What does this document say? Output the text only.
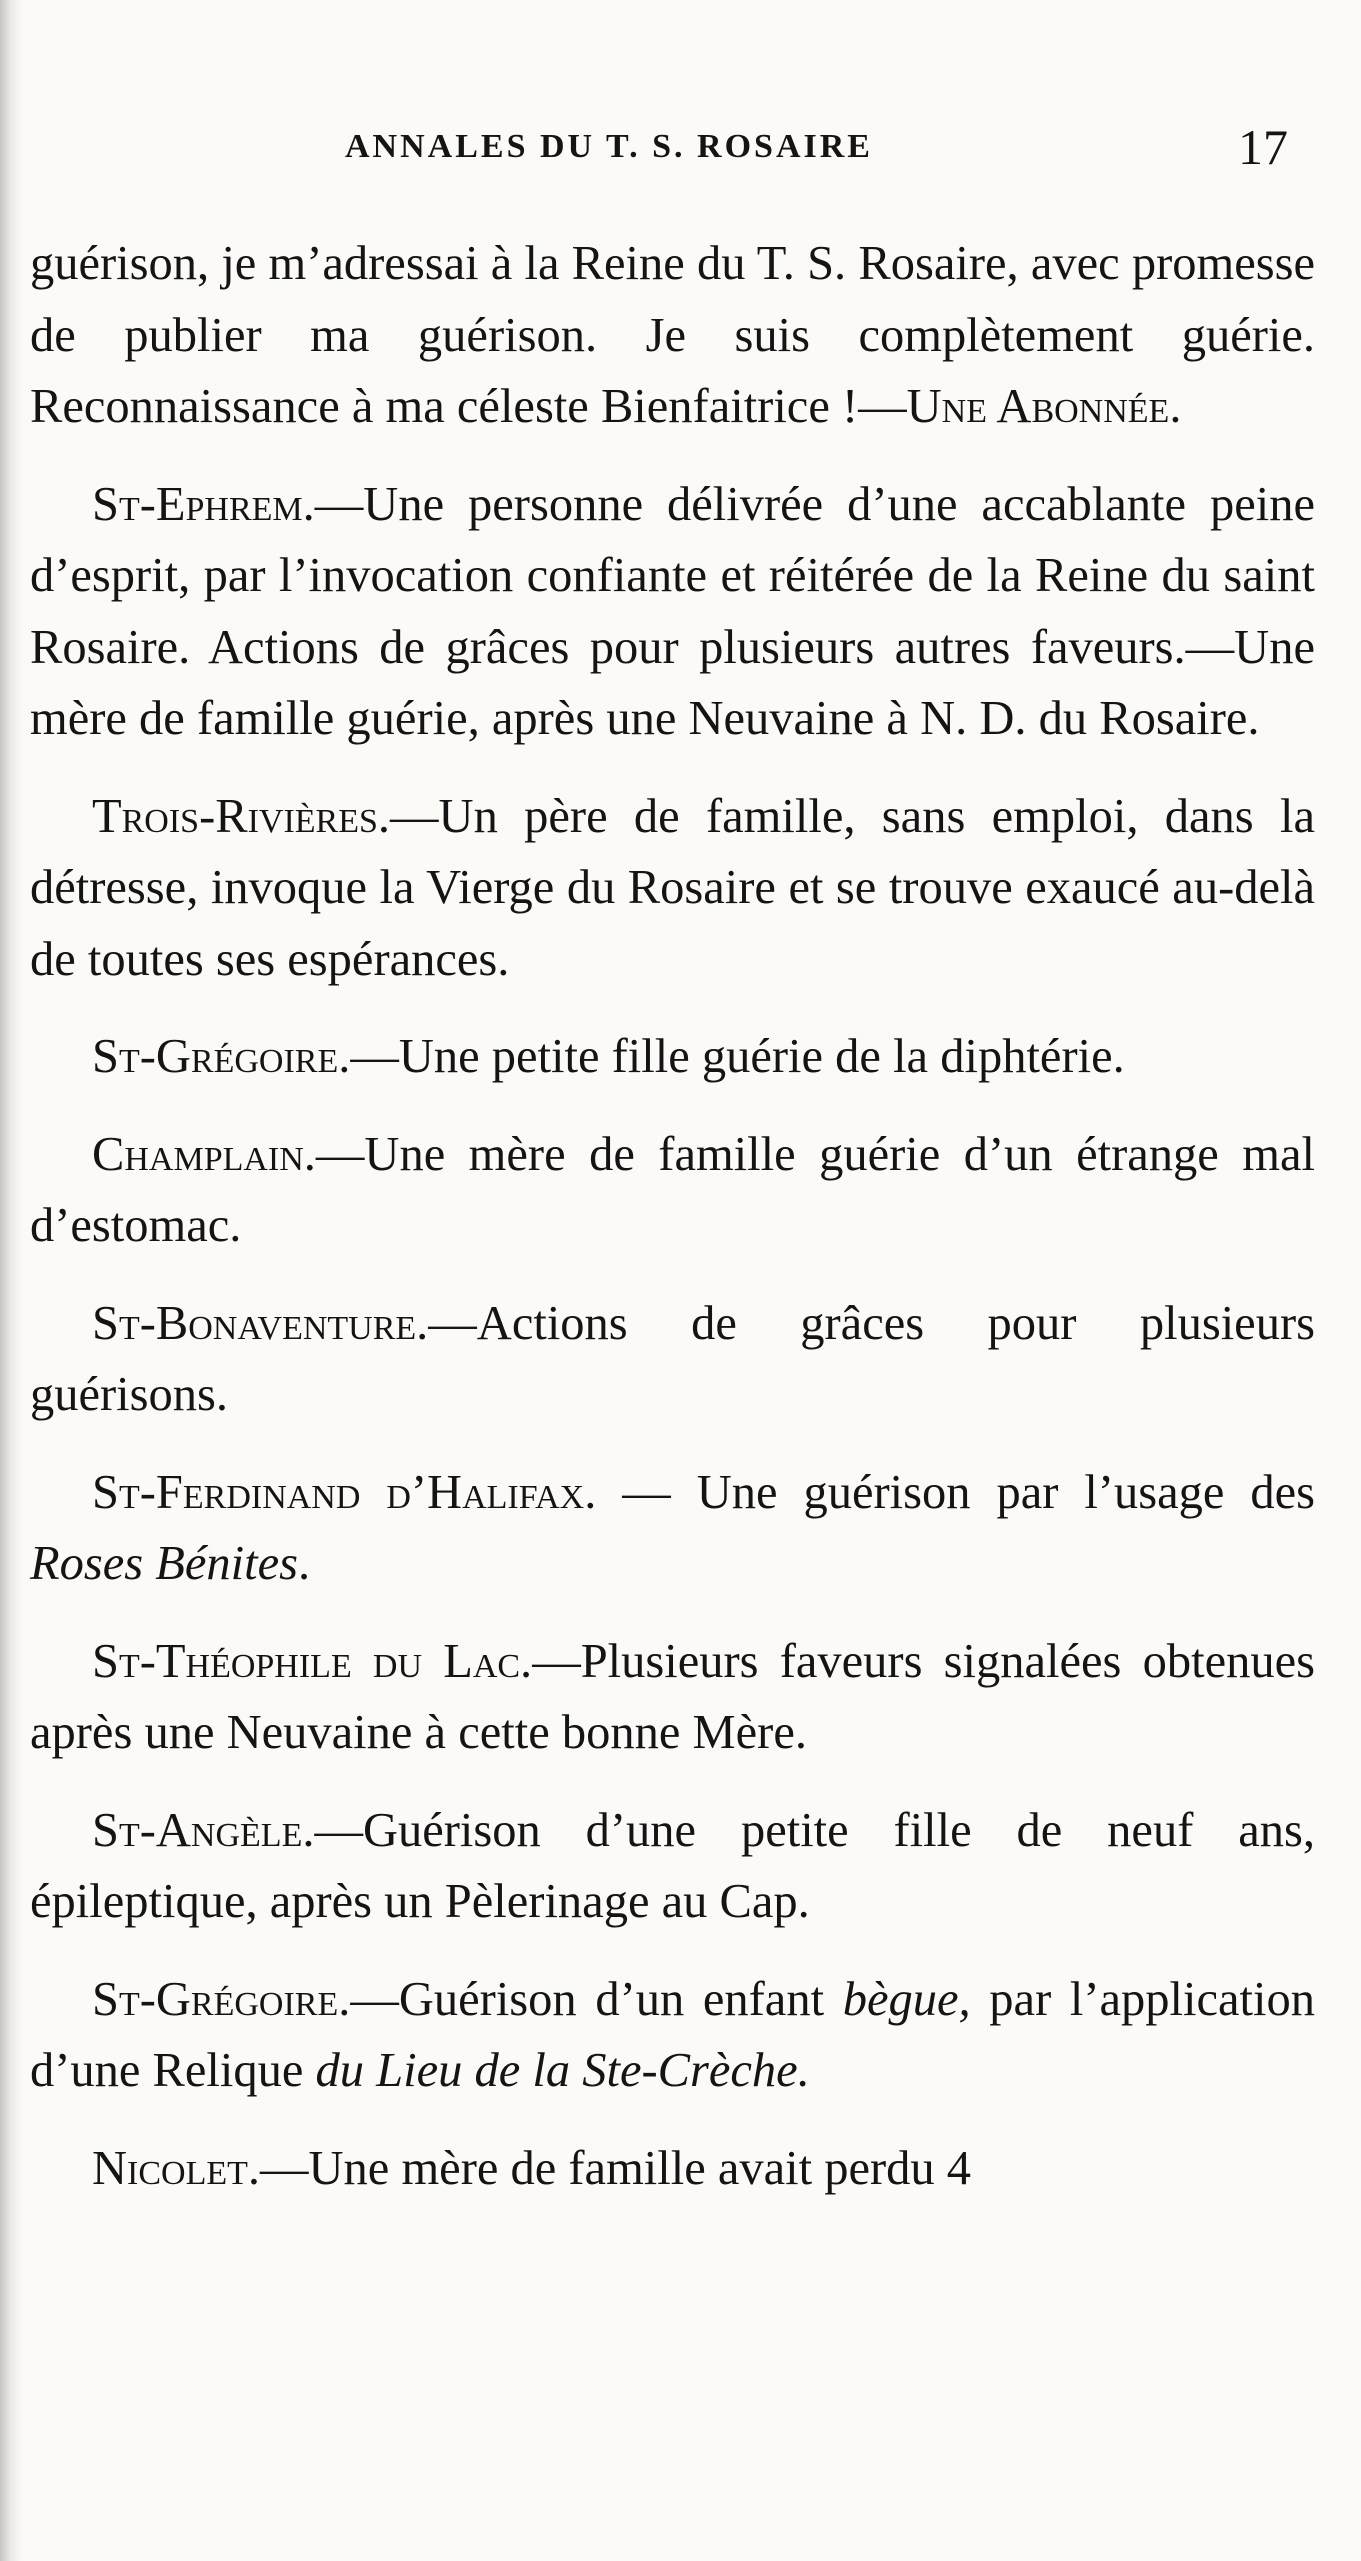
ANNALES DU T. S. ROSAIRE	17

guérison, je m’adressai à la Reine du T. S. Rosaire, avec promesse de publier ma guérison. Je suis complètement guérie. Reconnaissance à ma céleste Bienfaitrice !—Une Abonnée.

St-Ephrem.—Une personne délivrée d’une accablante peine d’esprit, par l’invocation confiante et réitérée de la Reine du saint Rosaire. Actions de grâces pour plusieurs autres faveurs.—Une mère de famille guérie, après une Neuvaine à N. D. du Rosaire.

Trois-Rivières.—Un père de famille, sans emploi, dans la détresse, invoque la Vierge du Rosaire et se trouve exaucé au-delà de toutes ses espérances.

St-Grégoire.—Une petite fille guérie de la diphtérie.

Champlain.—Une mère de famille guérie d’un étrange mal d’estomac.

St-Bonaventure.—Actions de grâces pour plusieurs guérisons.

St-Ferdinand d’Halifax. — Une guérison par l’usage des Roses Bénites.

St-Théophile du Lac.—Plusieurs faveurs signalées obtenues après une Neuvaine à cette bonne Mère.

St-Angèle.—Guérison d’une petite fille de neuf ans, épileptique, après un Pèlerinage au Cap.

St-Grégoire.—Guérison d’un enfant bègue, par l’application d’une Relique du Lieu de la Ste-Crèche.

Nicolet.—Une mère de famille avait perdu 4
